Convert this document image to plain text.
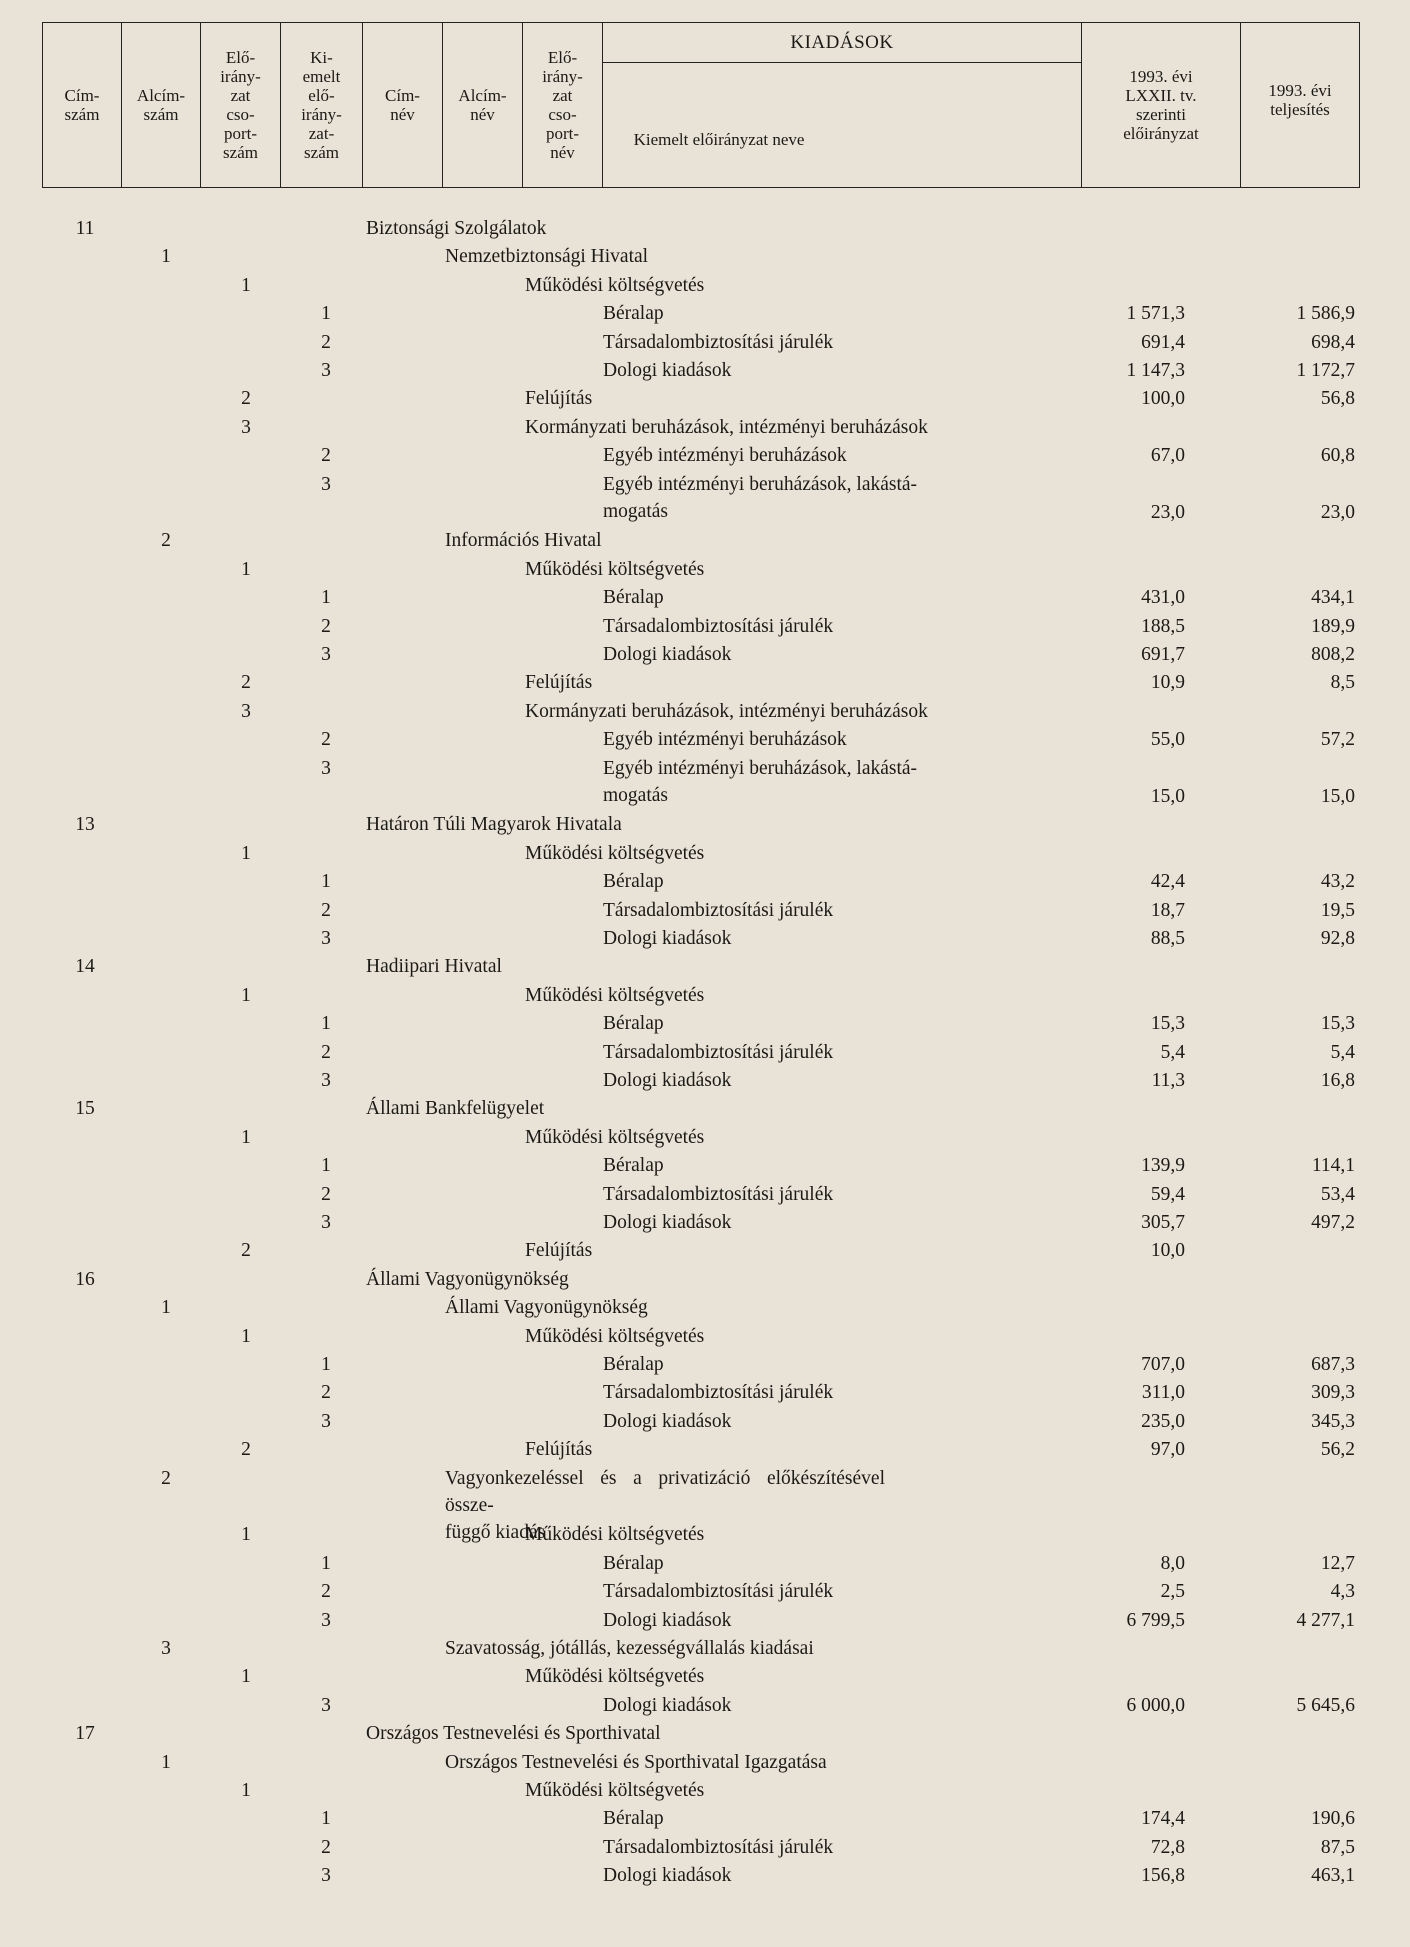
Cím-
szám
Alcím-
szám
Elő-
irány-
zat
cso-
port-
szám
Ki-
emelt
elő-
irány-
zat-
szám
Cím-
név
Alcím-
név
Elő-
irány-
zat
cso-
port-
név
KIADÁSOK
Kiemelt előirányzat neve
1993. évi
LXXII. tv.
szerinti
előirányzat
1993. évi
teljesítés
11	Biztonsági Szolgálatok
1	Nemzetbiztonsági Hivatal
1	Működési költségvetés
1	Béralap	1 571,3	1 586,9
2	Társadalombiztosítási járulék	691,4	698,4
3	Dologi kiadások	1 147,3	1 172,7
2	Felújítás	100,0	56,8
3	Kormányzati beruházások, intézményi beruházások
2	Egyéb intézményi beruházások	67,0	60,8
3	Egyéb intézményi beruházások, lakástá-
mogatás	23,0	23,0
2	Információs Hivatal
1	Működési költségvetés
1	Béralap	431,0	434,1
2	Társadalombiztosítási járulék	188,5	189,9
3	Dologi kiadások	691,7	808,2
2	Felújítás	10,9	8,5
3	Kormányzati beruházások, intézményi beruházások
2	Egyéb intézményi beruházások	55,0	57,2
3	Egyéb intézményi beruházások, lakástá-
mogatás	15,0	15,0
13	Határon Túli Magyarok Hivatala
1	Működési költségvetés
1	Béralap	42,4	43,2
2	Társadalombiztosítási járulék	18,7	19,5
3	Dologi kiadások	88,5	92,8
14	Hadiipari Hivatal
1	Működési költségvetés
1	Béralap	15,3	15,3
2	Társadalombiztosítási járulék	5,4	5,4
3	Dologi kiadások	11,3	16,8
15	Állami Bankfelügyelet
1	Működési költségvetés
1	Béralap	139,9	114,1
2	Társadalombiztosítási járulék	59,4	53,4
3	Dologi kiadások	305,7	497,2
2	Felújítás	10,0
16	Állami Vagyonügynökség
1	Állami Vagyonügynökség
1	Működési költségvetés
1	Béralap	707,0	687,3
2	Társadalombiztosítási járulék	311,0	309,3
3	Dologi kiadások	235,0	345,3
2	Felújítás	97,0	56,2
2	Vagyonkezeléssel és a privatizáció előkészítésével össze-
függő kiadás
1	Működési költségvetés
1	Béralap	8,0	12,7
2	Társadalombiztosítási járulék	2,5	4,3
3	Dologi kiadások	6 799,5	4 277,1
3	Szavatosság, jótállás, kezességvállalás kiadásai
1	Működési költségvetés
3	Dologi kiadások	6 000,0	5 645,6
17	Országos Testnevelési és Sporthivatal
1	Országos Testnevelési és Sporthivatal Igazgatása
1	Működési költségvetés
1	Béralap	174,4	190,6
2	Társadalombiztosítási járulék	72,8	87,5
3	Dologi kiadások	156,8	463,1
